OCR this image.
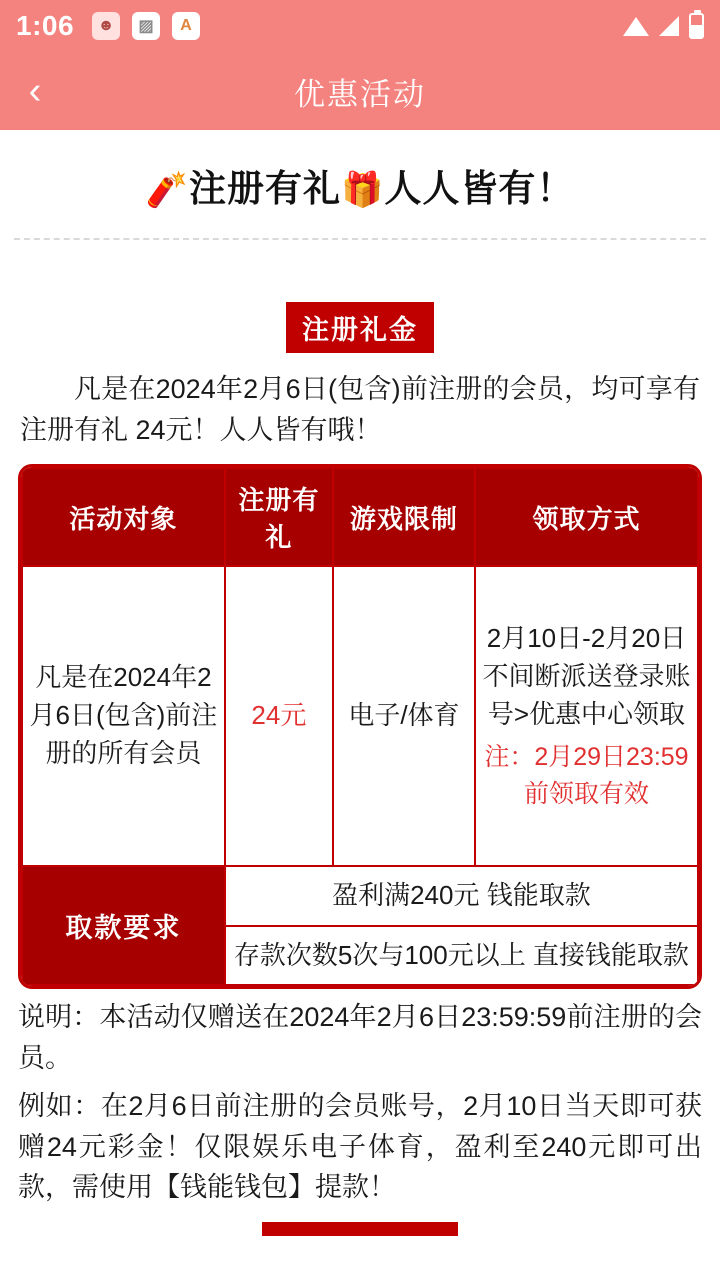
1:06	☻	▨	A
‹	优惠活动
🧨注册有礼🎁人人皆有！
注册礼金
凡是在2024年2月6日(包含)前注册的会员，均可享有注册有礼 24元！人人皆有哦！
活动对象	注册有礼	游戏限制	领取方式
凡是在2024年2月6日(包含)前注册的所有会员	24元	电子/体育	2月10日-2月20日不间断派送登录账号>优惠中心领取
注：2月29日23:59前领取有效

取款要求	盈利满240元 钱能取款		
	存款次数5次与100元以上 直接钱能取款		
说明：本活动仅赠送在2024年2月6日23:59:59前注册的会员。
例如：在2月6日前注册的会员账号，2月10日当天即可获赠24元彩金！仅限娱乐电子体育，盈利至240元即可出款，需使用【钱能钱包】提款！
